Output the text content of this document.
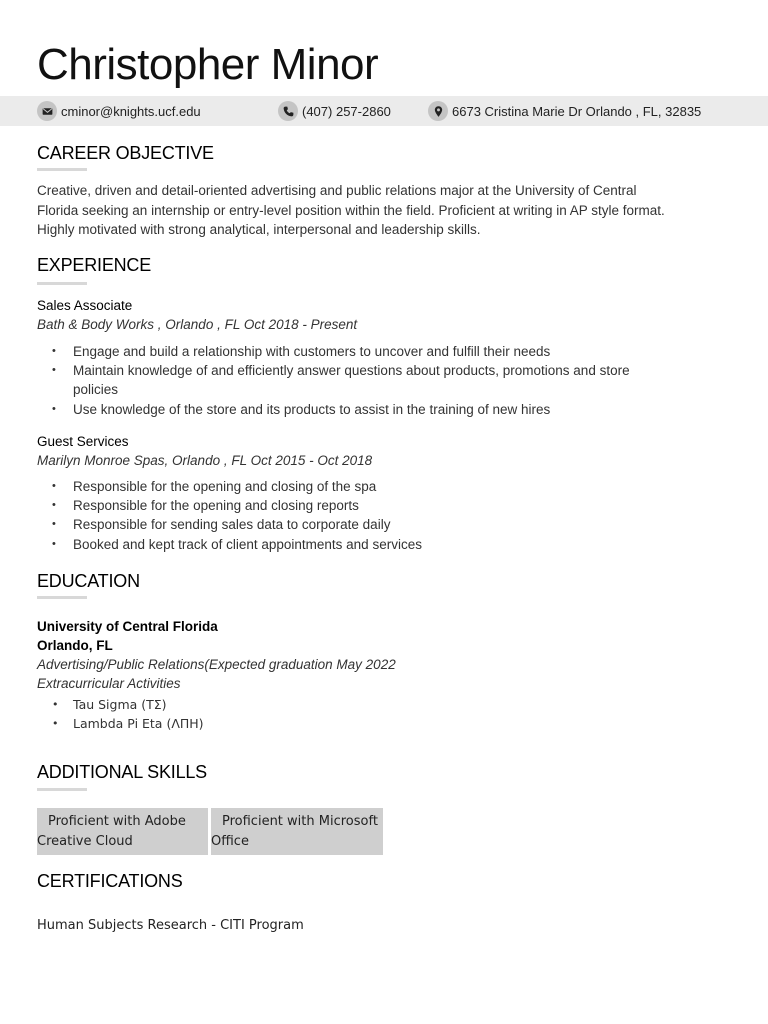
Christopher Minor
cminor@knights.ucf.edu	(407) 257-2860	6673 Cristina Marie Dr Orlando , FL, 32835
CAREER OBJECTIVE

Creative, driven and detail-oriented advertising and public relations major at the University of Central
Florida seeking an internship or entry-level position within the field. Proficient at writing in AP style format.
Highly motivated with strong analytical, interpersonal and leadership skills.

EXPERIENCE

Sales Associate

Bath & Body Works , Orlando , FL Oct 2018 - Present

• Engage and build a relationship with customers to uncover and fulfill their needs
• Maintain knowledge of and efficiently answer questions about products, promotions and store policies
• Use knowledge of the store and its products to assist in the training of new hires

Guest Services

Marilyn Monroe Spas, Orlando , FL Oct 2015 - Oct 2018

• Responsible for the opening and closing of the spa
• Responsible for the opening and closing reports
• Responsible for sending sales data to corporate daily
• Booked and kept track of client appointments and services
EDUCATION

University of Central Florida

Orlando, FL

Advertising/Public Relations(Expected graduation May 2022

Extracurricular Activities

• Tau Sigma (ΤΣ)
• Lambda Pi Eta (ΛΠΗ)
ADDITIONAL SKILLS
Proficient with Adobe
Creative Cloud
Proficient with Microsoft
Office
CERTIFICATIONS

Human Subjects Research - CITI Program
